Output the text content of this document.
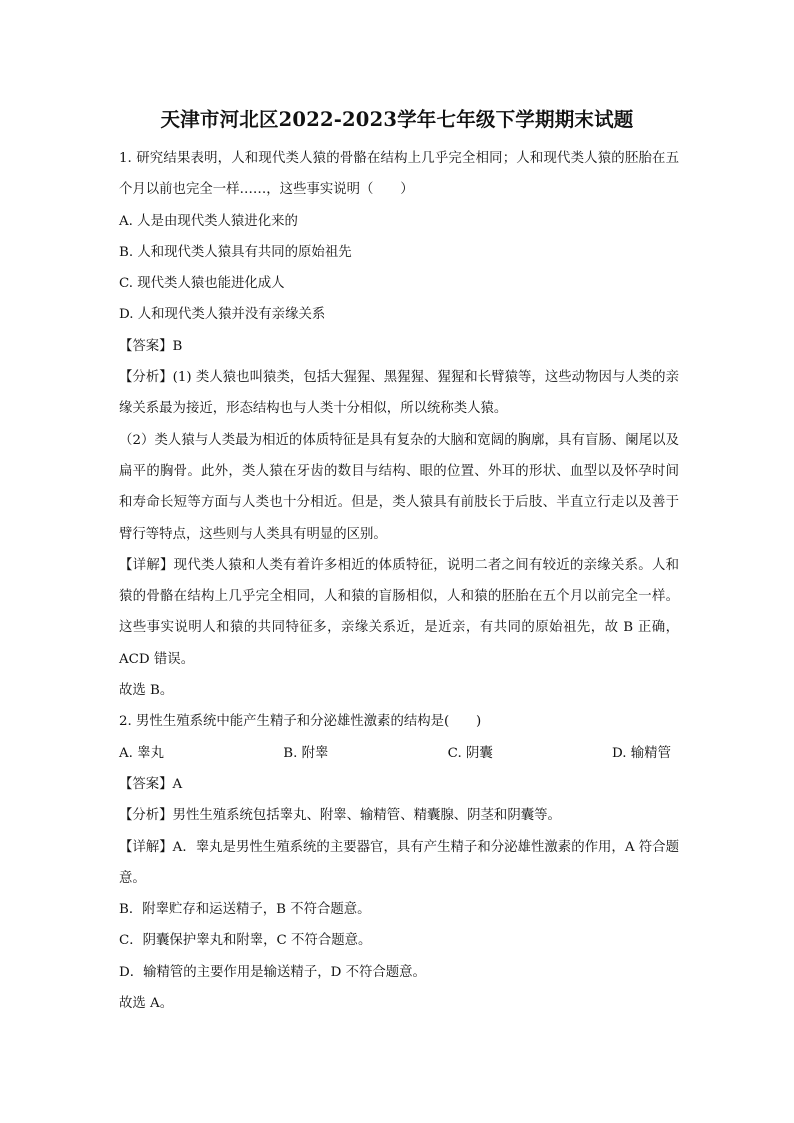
天津市河北区2022-2023学年七年级下学期期末试题

1. 研究结果表明，人和现代类人猿的骨骼在结构上几乎完全相同；人和现代类人猿的胚胎在五个月以前也完全一样……，这些事实说明（　　）

A. 人是由现代类人猿进化来的

B. 人和现代类人猿具有共同的原始祖先

C. 现代类人猿也能进化成人

D. 人和现代类人猿并没有亲缘关系

【答案】B

【分析】(1) 类人猿也叫猿类，包括大猩猩、黑猩猩、猩猩和长臂猿等，这些动物因与人类的亲缘关系最为接近，形态结构也与人类十分相似，所以统称类人猿。

（2）类人猿与人类最为相近的体质特征是具有复杂的大脑和宽阔的胸廓，具有盲肠、阑尾以及扁平的胸骨。此外，类人猿在牙齿的数目与结构、眼的位置、外耳的形状、血型以及怀孕时间和寿命长短等方面与人类也十分相近。但是，类人猿具有前肢长于后肢、半直立行走以及善于臂行等特点，这些则与人类具有明显的区别。

【详解】现代类人猿和人类有着许多相近的体质特征，说明二者之间有较近的亲缘关系。人和猿的骨骼在结构上几乎完全相同，人和猿的盲肠相似，人和猿的胚胎在五个月以前完全一样。这些事实说明人和猿的共同特征多，亲缘关系近，是近亲，有共同的原始祖先，故 B 正确，ACD 错误。

故选 B。

2. 男性生殖系统中能产生精子和分泌雄性激素的结构是(　　)

A. 睾丸	B. 附睾	C. 阴囊	D. 输精管

【答案】A

【分析】男性生殖系统包括睾丸、附睾、输精管、精囊腺、阴茎和阴囊等。

【详解】A．睾丸是男性生殖系统的主要器官，具有产生精子和分泌雄性激素的作用，A 符合题意。

B．附睾贮存和运送精子，B 不符合题意。

C．阴囊保护睾丸和附睾，C 不符合题意。

D．输精管的主要作用是输送精子，D 不符合题意。

故选 A。
